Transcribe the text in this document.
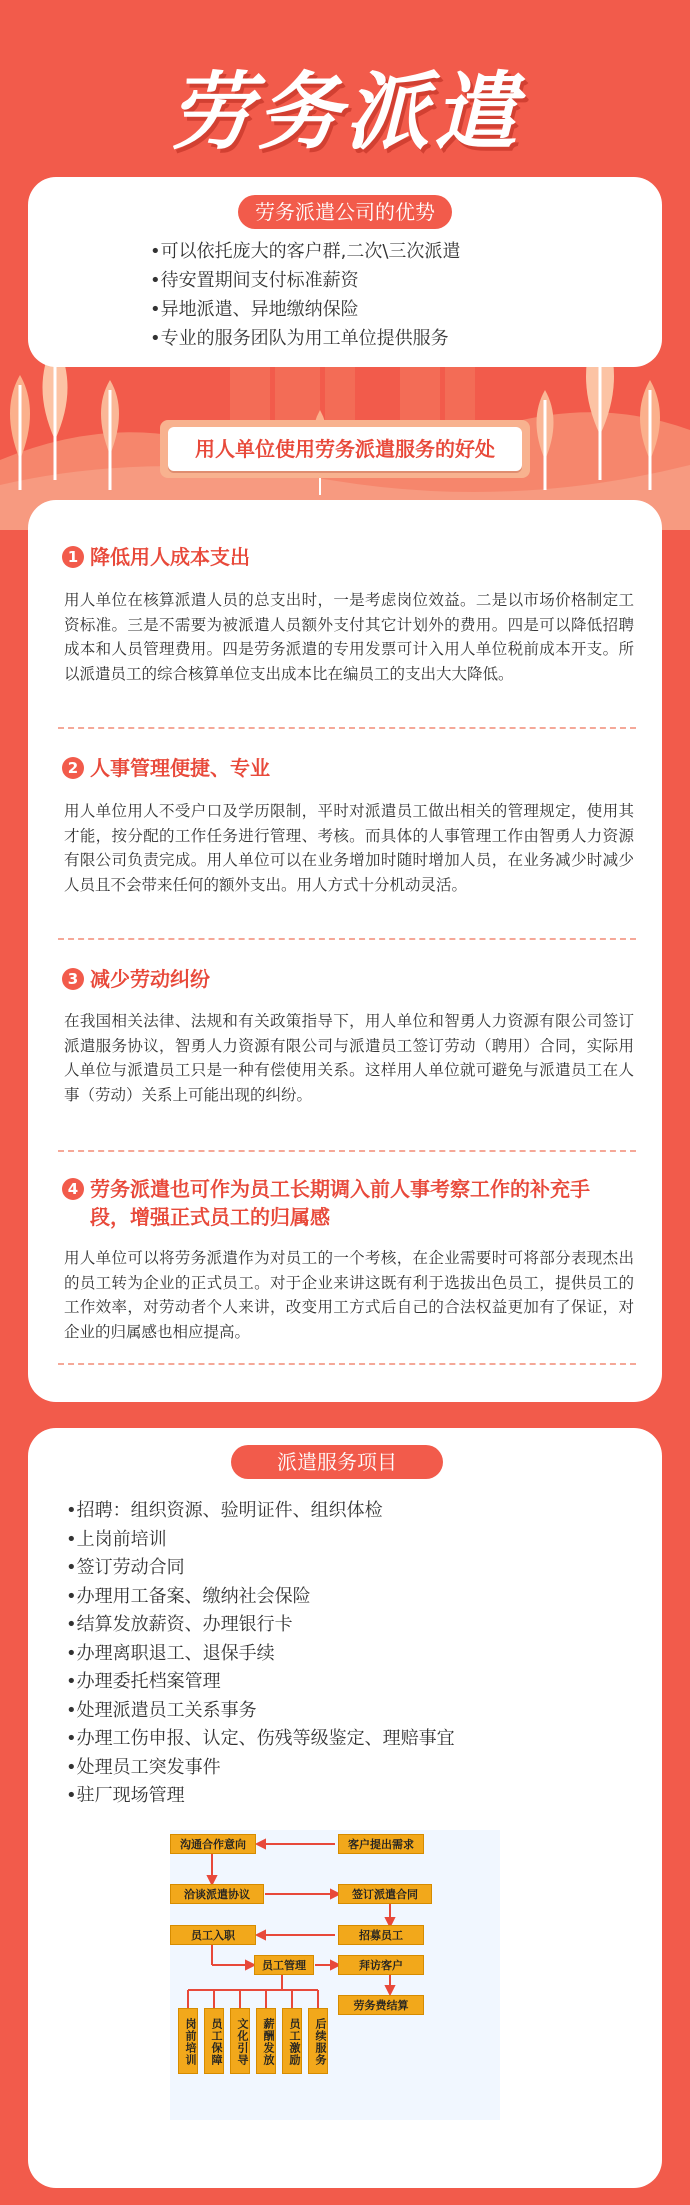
劳务派遣
劳务派遣公司的优势
•可以依托庞大的客户群,二次\三次派遣
•待安置期间支付标准薪资
•异地派遣、异地缴纳保险
•专业的服务团队为用工单位提供服务
用人单位使用劳务派遣服务的好处
1 降低用人成本支出
用人单位在核算派遣人员的总支出时，一是考虑岗位效益。二是以市场价格制定工资标准。三是不需要为被派遣人员额外支付其它计划外的费用。四是可以降低招聘成本和人员管理费用。四是劳务派遣的专用发票可计入用人单位税前成本开支。所以派遣员工的综合核算单位支出成本比在编员工的支出大大降低。
2 人事管理便捷、专业
用人单位用人不受户口及学历限制，平时对派遣员工做出相关的管理规定，使用其才能，按分配的工作任务进行管理、考核。而具体的人事管理工作由智勇人力资源有限公司负责完成。用人单位可以在业务增加时随时增加人员，在业务减少时减少人员且不会带来任何的额外支出。用人方式十分机动灵活。
3 减少劳动纠纷
在我国相关法律、法规和有关政策指导下，用人单位和智勇人力资源有限公司签订派遣服务协议，智勇人力资源有限公司与派遣员工签订劳动（聘用）合同，实际用人单位与派遣员工只是一种有偿使用关系。这样用人单位就可避免与派遣员工在人事（劳动）关系上可能出现的纠纷。
4 劳务派遣也可作为员工长期调入前人事考察工作的补充手段，增强正式员工的归属感
用人单位可以将劳务派遣作为对员工的一个考核，在企业需要时可将部分表现杰出的员工转为企业的正式员工。对于企业来讲这既有利于选拔出色员工，提供员工的工作效率，对劳动者个人来讲，改变用工方式后自己的合法权益更加有了保证，对企业的归属感也相应提高。
派遣服务项目
•招聘：组织资源、验明证件、组织体检
•上岗前培训
•签订劳动合同
•办理用工备案、缴纳社会保险
•结算发放薪资、办理银行卡
•办理离职退工、退保手续
•办理委托档案管理
•处理派遣员工关系事务
•办理工伤申报、认定、伤残等级鉴定、理赔事宜
•处理员工突发事件
•驻厂现场管理
沟通合作意向	客户提出需求
洽谈派遣协议	签订派遣合同
员工入职	招募员工
员工管理	拜访客户
劳务费结算
岗前培训	员工保障	文化引导	薪酬发放	员工激励	后续服务
